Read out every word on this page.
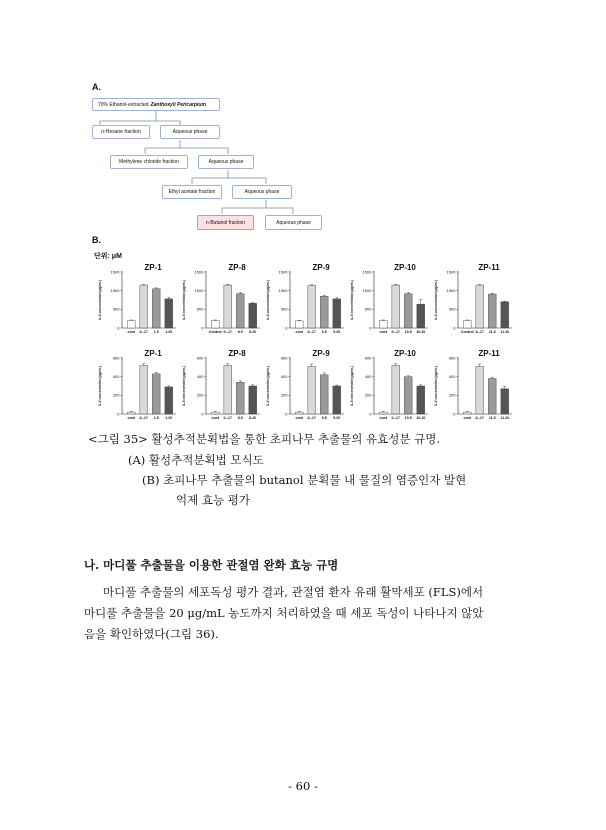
A.
70% Ethanol-extracted Zanthoxyli Pericarpium
n-Hexane fraction	Aqueous phase
Methylene chloride fraction	Aqueous phase
Ethyl acetate fraction	Aqueous phase
n-Butanol fraction	Aqueous phase
B.
단위: μM
ZP-1
IL-6 concentration (pg/mL)
0
500
1000
1500
cont IL-17 1.5 1.20
ZP-8
IL-6 concentration (pg/mL)
0
500
1000
1500
Control IL-17 8.5 8.20
ZP-9
IL-6 concentration (pg/mL)
0
500
1000
1500
cont IL-17 9.5 9.20
ZP-10
IL-6 concentration (pg/mL)
0
500
1000
1500
cont IL-17 10.5 10.20
ZP-11
IL-6 concentration (pg/mL)
0
500
1000
1500
Control IL-17 11.5 11.20
ZP-1
IL-6 concentration (pg/mL)
0
200
400
600
cont IL-17 1.5 1.20
ZP-8
IL-6 concentration (pg/mL)
0
200
400
600
cont IL-17 8.5 8.20
ZP-9
IL-6 concentration (pg/mL)
0
200
400
600
cont IL-17 9.5 9.20
ZP-10
IL-6 concentration (pg/mL)
0
200
400
600
cont IL-17 10.5 10.20
ZP-11
IL-6 concentration (pg/mL)
0
200
400
600
cont IL-17 11.5 11.20
<그림 35> 활성추적분획법을 통한 초피나무 추출물의 유효성분 규명.
(A) 활성추적분획법 모식도
(B) 초피나무 추출물의 butanol 분획물 내 물질의 염증인자 발현
억제 효능 평가
나. 마디풀 추출물을 이용한 관절염 완화 효능 규명
마디풀 추출물의 세포독성 평가 결과, 관절염 환자 유래 활막세포 (FLS)에서
마디풀 추출물을 20 μg/mL 농도까지 처리하였을 때 세포 독성이 나타나지 않았
음을 확인하였다(그림 36).
- 60 -
